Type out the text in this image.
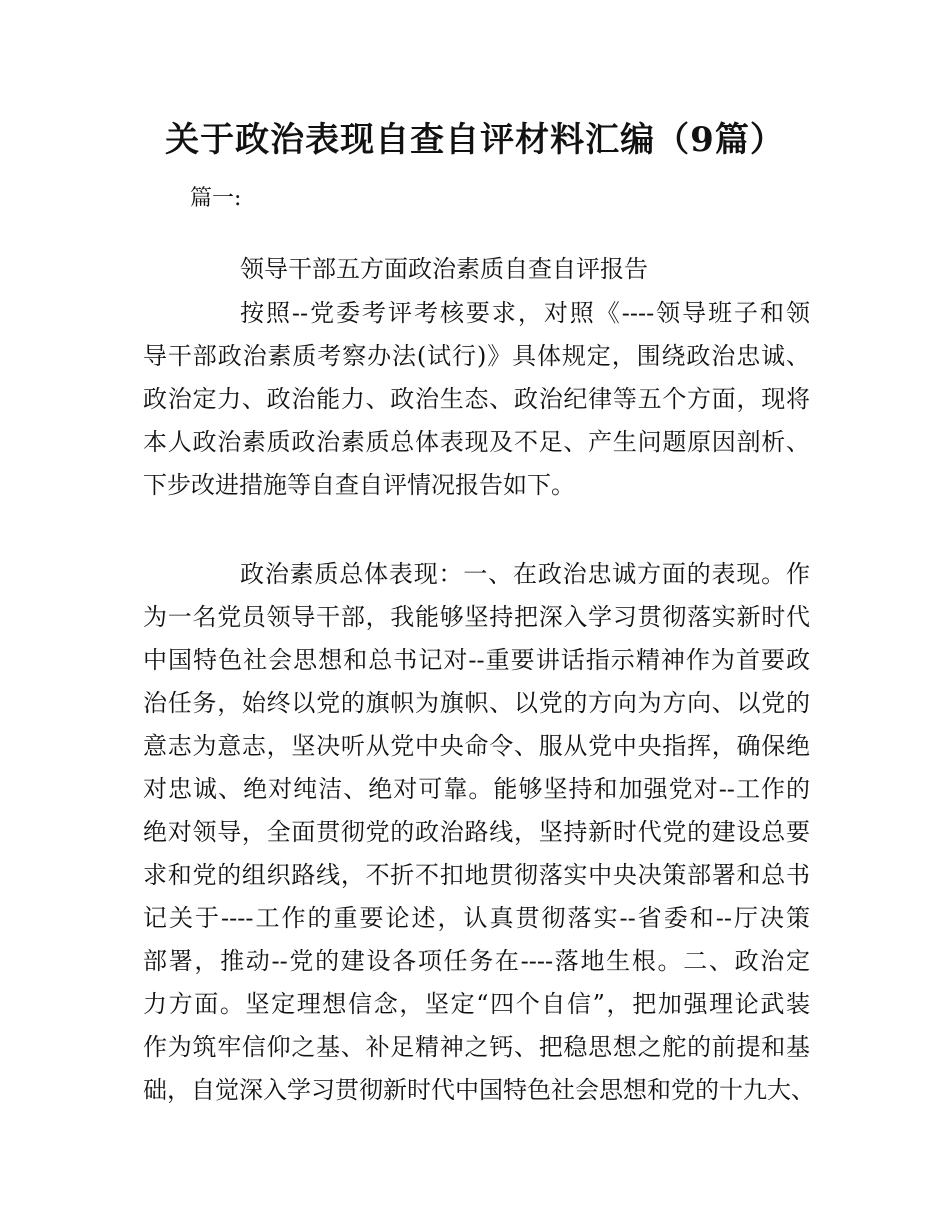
关于政治表现自查自评材料汇编（9篇）
篇一:
领导干部五方面政治素质自查自评报告
按照--党委考评考核要求，对照《----领导班子和领
导干部政治素质考察办法(试行)》具体规定，围绕政治忠诚、
政治定力、政治能力、政治生态、政治纪律等五个方面，现将
本人政治素质政治素质总体表现及不足、产生问题原因剖析、
下步改进措施等自查自评情况报告如下。
政治素质总体表现：一、在政治忠诚方面的表现。作
为一名党员领导干部，我能够坚持把深入学习贯彻落实新时代
中国特色社会思想和总书记对--重要讲话指示精神作为首要政
治任务，始终以党的旗帜为旗帜、以党的方向为方向、以党的
意志为意志，坚决听从党中央命令、服从党中央指挥，确保绝
对忠诚、绝对纯洁、绝对可靠。能够坚持和加强党对--工作的
绝对领导，全面贯彻党的政治路线，坚持新时代党的建设总要
求和党的组织路线，不折不扣地贯彻落实中央决策部署和总书
记关于----工作的重要论述，认真贯彻落实--省委和--厅决策
部署，推动--党的建设各项任务在----落地生根。二、政治定
力方面。坚定理想信念，坚定“四个自信”，把加强理论武装
作为筑牢信仰之基、补足精神之钙、把稳思想之舵的前提和基
础，自觉深入学习贯彻新时代中国特色社会思想和党的十九大、
